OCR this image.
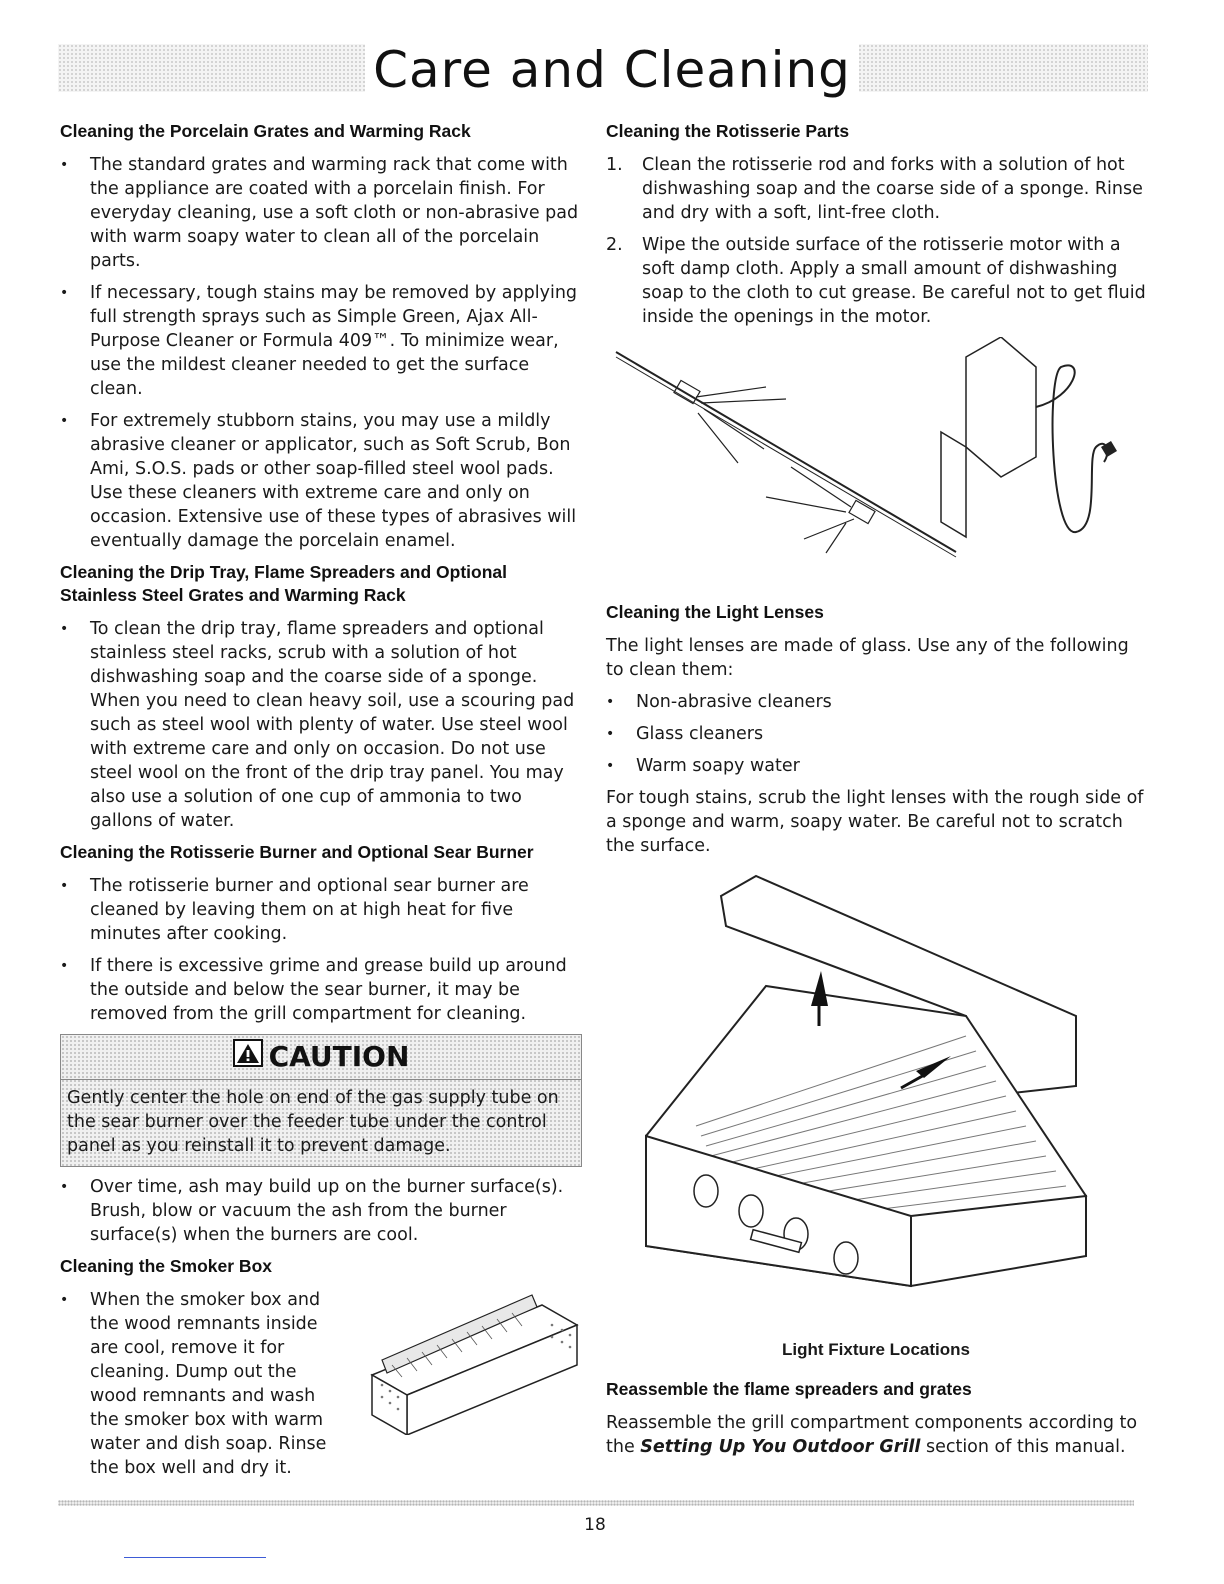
Care and Cleaning
Cleaning the Porcelain Grates and Warming Rack
• The standard grates and warming rack that come with the appliance are coated with a porcelain finish. For everyday cleaning, use a soft cloth or non-abrasive pad with warm soapy water to clean all of the porcelain parts.
• If necessary, tough stains may be removed by applying full strength sprays such as Simple Green, Ajax All-Purpose Cleaner or Formula 409™. To minimize wear, use the mildest cleaner needed to get the surface clean.
• For extremely stubborn stains, you may use a mildly abrasive cleaner or applicator, such as Soft Scrub, Bon Ami, S.O.S. pads or other soap-filled steel wool pads. Use these cleaners with extreme care and only on occasion. Extensive use of these types of abrasives will eventually damage the porcelain enamel.
Cleaning the Drip Tray, Flame Spreaders and Optional Stainless Steel Grates and Warming Rack
• To clean the drip tray, flame spreaders and optional stainless steel racks, scrub with a solution of hot dishwashing soap and the coarse side of a sponge. When you need to clean heavy soil, use a scouring pad such as steel wool with plenty of water. Use steel wool with extreme care and only on occasion. Do not use steel wool on the front of the drip tray panel. You may also use a solution of one cup of ammonia to two gallons of water.
Cleaning the Rotisserie Burner and Optional Sear Burner
• The rotisserie burner and optional sear burner are cleaned by leaving them on at high heat for five minutes after cooking.
• If there is excessive grime and grease build up around the outside and below the sear burner, it may be removed from the grill compartment for cleaning.
CAUTION
Gently center the hole on end of the gas supply tube on the sear burner over the feeder tube under the control panel as you reinstall it to prevent damage.
• Over time, ash may build up on the burner surface(s). Brush, blow or vacuum the ash from the burner surface(s) when the burners are cool.
Cleaning the Smoker Box
• When the smoker box and the wood remnants inside are cool, remove it for cleaning. Dump out the wood remnants and wash the smoker box with warm water and dish soap. Rinse the box well and dry it.
Cleaning the Rotisserie Parts
1. Clean the rotisserie rod and forks with a solution of hot dishwashing soap and the coarse side of a sponge. Rinse and dry with a soft, lint-free cloth.
2. Wipe the outside surface of the rotisserie motor with a soft damp cloth. Apply a small amount of dishwashing soap to the cloth to cut grease. Be careful not to get fluid inside the openings in the motor.
Cleaning the Light Lenses

The light lenses are made of glass. Use any of the following to clean them:

• Non-abrasive cleaners
• Glass cleaners
• Warm soapy water

For tough stains, scrub the light lenses with the rough side of a sponge and warm, soapy water. Be careful not to scratch the surface.

Light Fixture Locations
Reassemble the flame spreaders and grates

Reassemble the grill compartment components according to the Setting Up You Outdoor Grill section of this manual.

18
